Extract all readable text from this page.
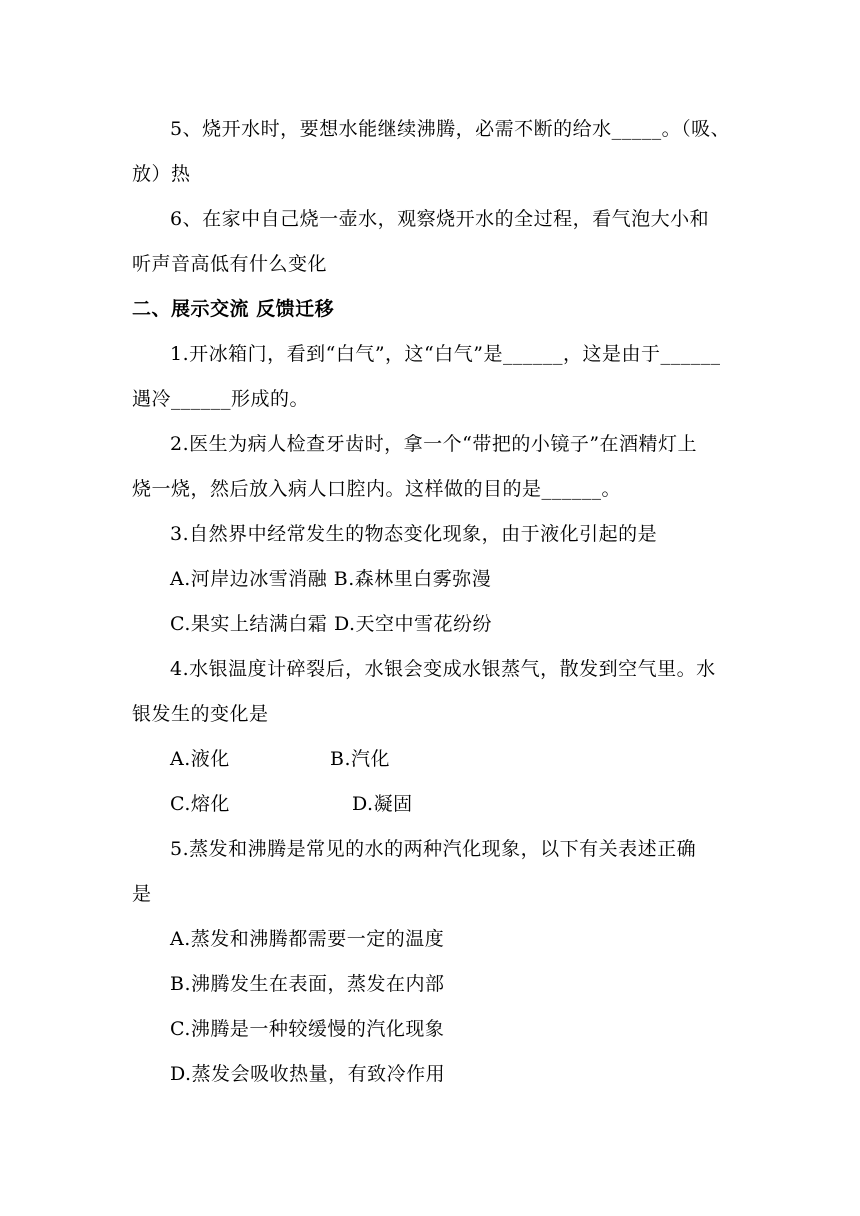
5、烧开水时，要想水能继续沸腾，必需不断的给水_____。（吸、
放）热
6、在家中自己烧一壶水，观察烧开水的全过程，看气泡大小和
听声音高低有什么变化
二、展示交流 反馈迁移
1.开冰箱门，看到“白气”，这“白气”是______，这是由于______
遇冷______形成的。
2.医生为病人检查牙齿时，拿一个“带把的小镜子”在酒精灯上
烧一烧，然后放入病人口腔内。这样做的目的是______。
3.自然界中经常发生的物态变化现象，由于液化引起的是
A.河岸边冰雪消融 B.森林里白雾弥漫
C.果实上结满白霜 D.天空中雪花纷纷
4.水银温度计碎裂后，水银会变成水银蒸气，散发到空气里。水
银发生的变化是
A.液化	B.汽化
C.熔化	D.凝固
5.蒸发和沸腾是常见的水的两种汽化现象，以下有关表述正确
是
A.蒸发和沸腾都需要一定的温度
B.沸腾发生在表面，蒸发在内部
C.沸腾是一种较缓慢的汽化现象
D.蒸发会吸收热量，有致冷作用
